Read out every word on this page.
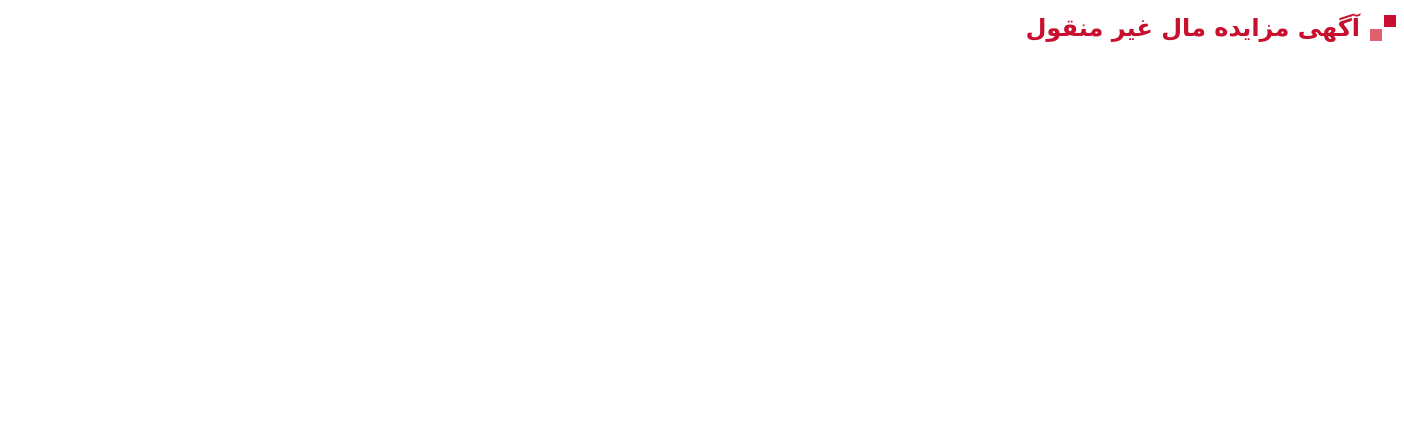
آگهی مزایده مال غیر منقول
